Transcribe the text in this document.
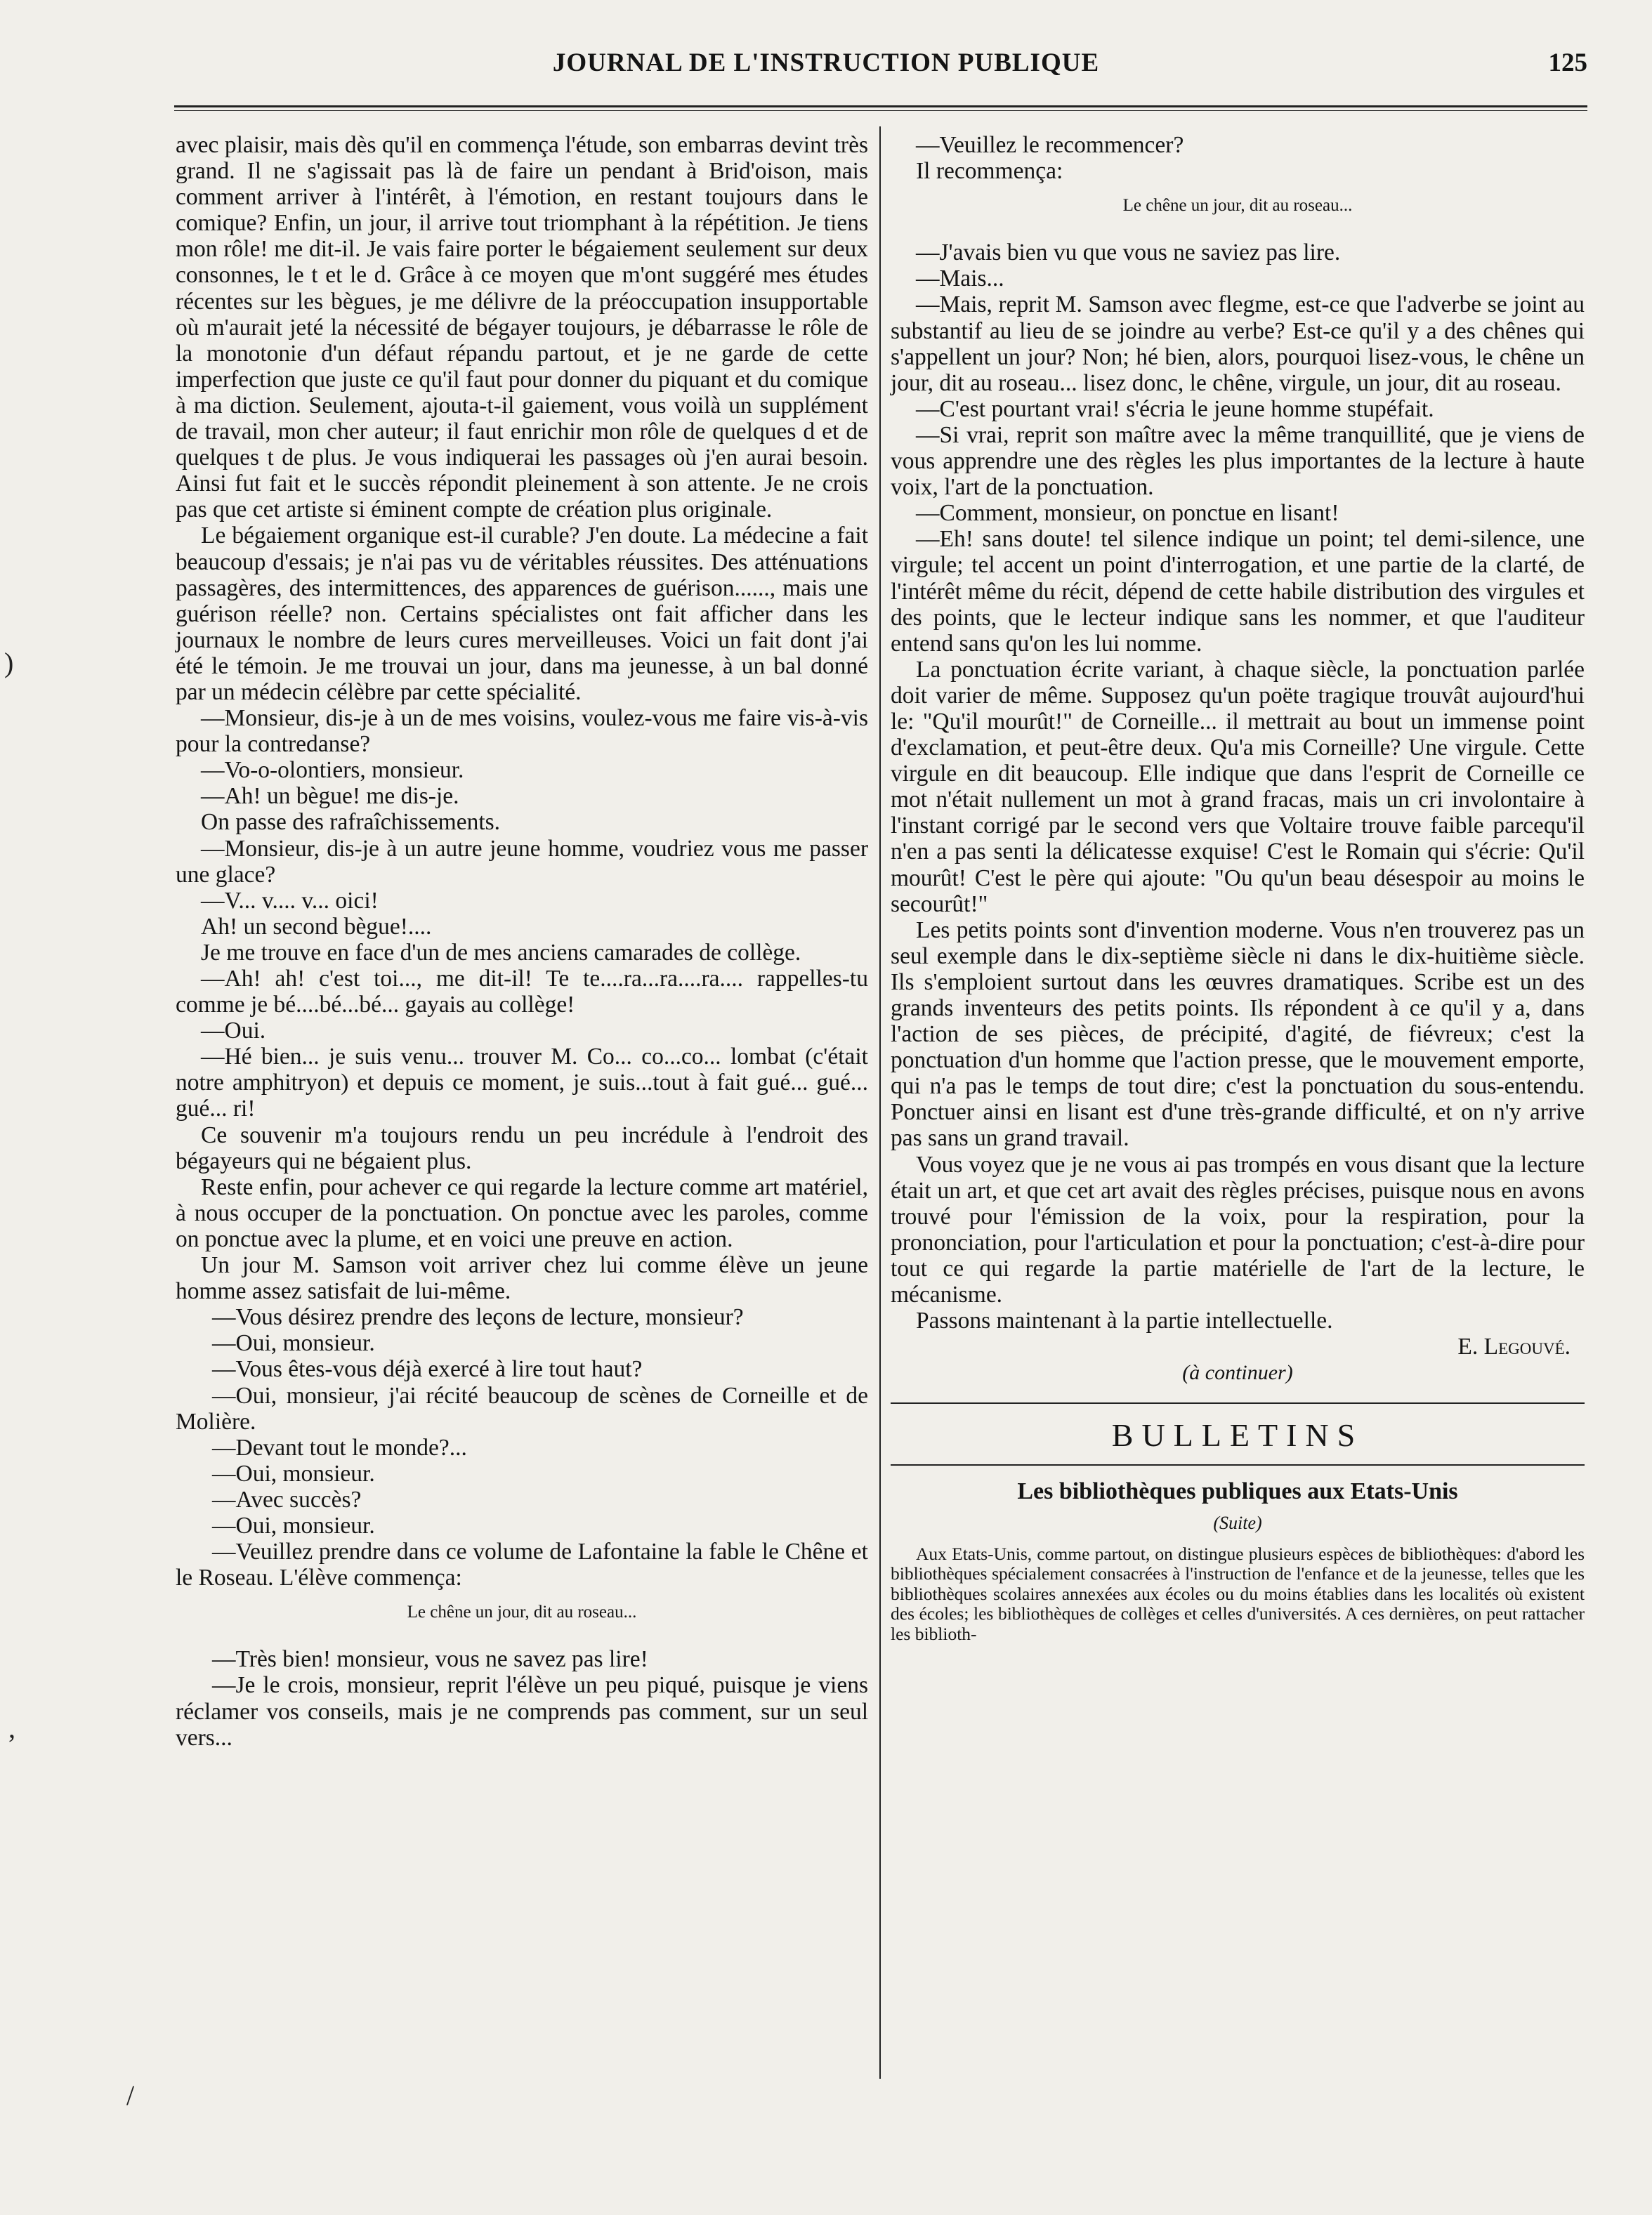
JOURNAL DE L'INSTRUCTION PUBLIQUE	125
)
ʼ
/

avec plaisir, mais dès qu'il en commença l'étude, son embarras devint très grand. Il ne s'agissait pas là de faire un pendant à Brid'oison, mais comment arriver à l'intérêt, à l'émotion, en restant toujours dans le comique? Enfin, un jour, il arrive tout triomphant à la répétition. Je tiens mon rôle! me dit-il. Je vais faire porter le bégaiement seulement sur deux consonnes, le t et le d. Grâce à ce moyen que m'ont suggéré mes études récentes sur les bègues, je me délivre de la préoccupation insupportable où m'aurait jeté la nécessité de bégayer toujours, je débarrasse le rôle de la monotonie d'un défaut répandu partout, et je ne garde de cette imperfection que juste ce qu'il faut pour donner du piquant et du comique à ma diction. Seulement, ajouta-t-il gaiement, vous voilà un supplément de travail, mon cher auteur; il faut enrichir mon rôle de quelques d et de quelques t de plus. Je vous indiquerai les passages où j'en aurai besoin. Ainsi fut fait et le succès répondit pleinement à son attente. Je ne crois pas que cet artiste si éminent compte de création plus originale.

Le bégaiement organique est-il curable? J'en doute. La médecine a fait beaucoup d'essais; je n'ai pas vu de véritables réussites. Des atténuations passagères, des intermittences, des apparences de guérison......, mais une guérison réelle? non. Certains spécialistes ont fait afficher dans les journaux le nombre de leurs cures merveilleuses. Voici un fait dont j'ai été le témoin. Je me trouvai un jour, dans ma jeunesse, à un bal donné par un médecin célèbre par cette spécialité.

—Monsieur, dis-je à un de mes voisins, voulez-vous me faire vis-à-vis pour la contredanse?

—Vo-o-olontiers, monsieur.

—Ah! un bègue! me dis-je.

On passe des rafraîchissements.

—Monsieur, dis-je à un autre jeune homme, voudriez vous me passer une glace?

—V... v.... v... oici!

Ah! un second bègue!....

Je me trouve en face d'un de mes anciens camarades de collège.

—Ah! ah! c'est toi..., me dit-il! Te te....ra...ra....ra.... rappelles-tu comme je bé....bé...bé... gayais au collège!

—Oui.

—Hé bien... je suis venu... trouver M. Co... co...co... lombat (c'était notre amphitryon) et depuis ce moment, je suis...tout à fait gué... gué... gué... ri!

Ce souvenir m'a toujours rendu un peu incrédule à l'endroit des bégayeurs qui ne bégaient plus.

Reste enfin, pour achever ce qui regarde la lecture comme art matériel, à nous occuper de la ponctuation. On ponctue avec les paroles, comme on ponctue avec la plume, et en voici une preuve en action.

Un jour M. Samson voit arriver chez lui comme élève un jeune homme assez satisfait de lui-même.

—Vous désirez prendre des leçons de lecture, monsieur?

—Oui, monsieur.

—Vous êtes-vous déjà exercé à lire tout haut?

—Oui, monsieur, j'ai récité beaucoup de scènes de Corneille et de Molière.

—Devant tout le monde?...

—Oui, monsieur.

—Avec succès?

—Oui, monsieur.

—Veuillez prendre dans ce volume de Lafontaine la fable le Chêne et le Roseau. L'élève commença:

Le chêne un jour, dit au roseau...

—Très bien! monsieur, vous ne savez pas lire!

—Je le crois, monsieur, reprit l'élève un peu piqué, puisque je viens réclamer vos conseils, mais je ne comprends pas comment, sur un seul vers...

—Veuillez le recommencer?

Il recommença:

Le chêne un jour, dit au roseau...

—J'avais bien vu que vous ne saviez pas lire.

—Mais...

—Mais, reprit M. Samson avec flegme, est-ce que l'adverbe se joint au substantif au lieu de se joindre au verbe? Est-ce qu'il y a des chênes qui s'appellent un jour? Non; hé bien, alors, pourquoi lisez-vous, le chêne un jour, dit au roseau... lisez donc, le chêne, virgule, un jour, dit au roseau.

—C'est pourtant vrai! s'écria le jeune homme stupéfait.

—Si vrai, reprit son maître avec la même tranquillité, que je viens de vous apprendre une des règles les plus importantes de la lecture à haute voix, l'art de la ponctuation.

—Comment, monsieur, on ponctue en lisant!

—Eh! sans doute! tel silence indique un point; tel demi-silence, une virgule; tel accent un point d'interrogation, et une partie de la clarté, de l'intérêt même du récit, dépend de cette habile distribution des virgules et des points, que le lecteur indique sans les nommer, et que l'auditeur entend sans qu'on les lui nomme.

La ponctuation écrite variant, à chaque siècle, la ponctuation parlée doit varier de même. Supposez qu'un poëte tragique trouvât aujourd'hui le: "Qu'il mourût!" de Corneille... il mettrait au bout un immense point d'exclamation, et peut-être deux. Qu'a mis Corneille? Une virgule. Cette virgule en dit beaucoup. Elle indique que dans l'esprit de Corneille ce mot n'était nullement un mot à grand fracas, mais un cri involontaire à l'instant corrigé par le second vers que Voltaire trouve faible parcequ'il n'en a pas senti la délicatesse exquise! C'est le Romain qui s'écrie: Qu'il mourût! C'est le père qui ajoute: "Ou qu'un beau désespoir au moins le secourût!"

Les petits points sont d'invention moderne. Vous n'en trouverez pas un seul exemple dans le dix-septième siècle ni dans le dix-huitième siècle. Ils s'emploient surtout dans les œuvres dramatiques. Scribe est un des grands inventeurs des petits points. Ils répondent à ce qu'il y a, dans l'action de ses pièces, de précipité, d'agité, de fiévreux; c'est la ponctuation d'un homme que l'action presse, que le mouvement emporte, qui n'a pas le temps de tout dire; c'est la ponctuation du sous-entendu. Ponctuer ainsi en lisant est d'une très-grande difficulté, et on n'y arrive pas sans un grand travail.

Vous voyez que je ne vous ai pas trompés en vous disant que la lecture était un art, et que cet art avait des règles précises, puisque nous en avons trouvé pour l'émission de la voix, pour la respiration, pour la prononciation, pour l'articulation et pour la ponctuation; c'est-à-dire pour tout ce qui regarde la partie matérielle de l'art de la lecture, le mécanisme.

Passons maintenant à la partie intellectuelle.

E. Legouvé.

(à continuer)

BULLETINS

Les bibliothèques publiques aux Etats-Unis

(Suite)

Aux Etats-Unis, comme partout, on distingue plusieurs espèces de bibliothèques: d'abord les bibliothèques spécialement consacrées à l'instruction de l'enfance et de la jeunesse, telles que les bibliothèques scolaires annexées aux écoles ou du moins établies dans les localités où existent des écoles; les bibliothèques de collèges et celles d'universités. A ces dernières, on peut rattacher les biblioth-
